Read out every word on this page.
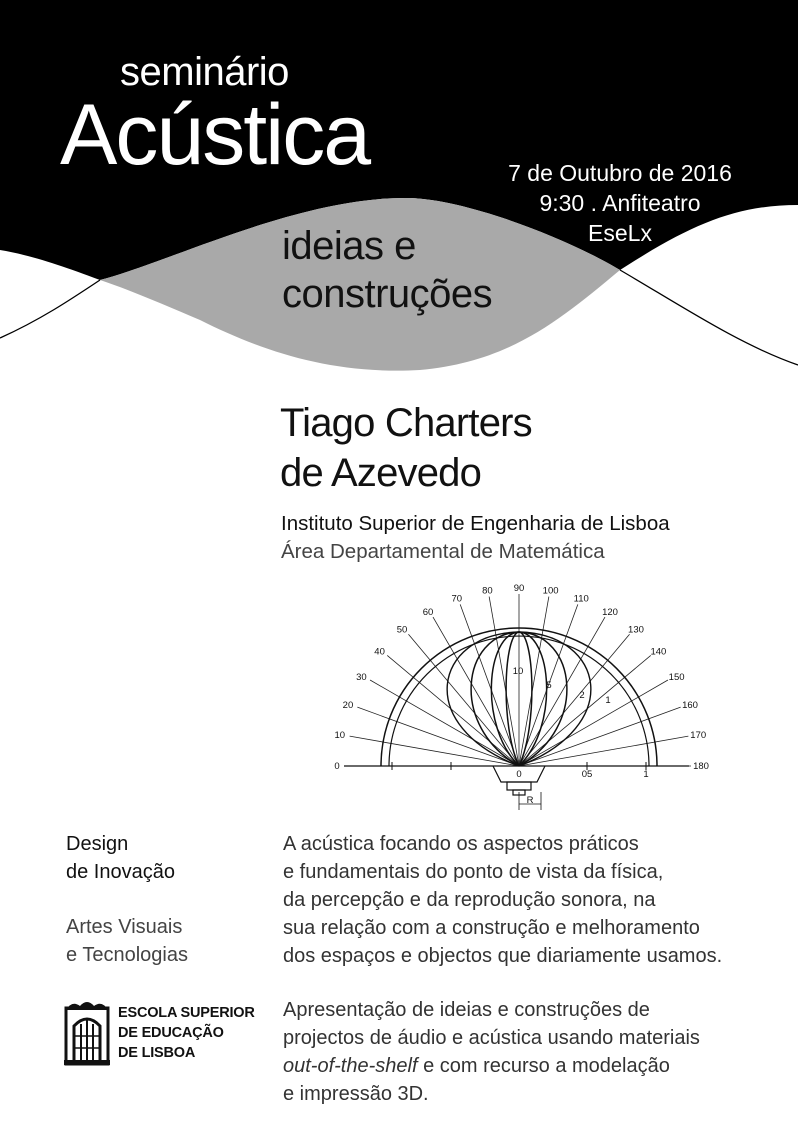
seminário
Acústica	7 de Outubro de 2016
9:30 . Anfiteatro
EseLx
ideias e
construções
Tiago Charters
de Azevedo
Instituto Superior de Engenharia de Lisboa
Área Departamental de Matemática
0
10
20
30
40
50
60
70
80 90 100
110
120
130
140
150
160
170
180
10
5
2 1
0	05	1
R
Design
de Inovação
Artes Visuais
e Tecnologias
ESCOLA SUPERIOR
DE EDUCAÇÃO
DE LISBOA
A acústica focando os aspectos práticos
e fundamentais do ponto de vista da física,
da percepção e da reprodução sonora, na
sua relação com a construção e melhoramento
dos espaços e objectos que diariamente usamos.
Apresentação de ideias e construções de
projectos de áudio e acústica usando materiais
out-of-the-shelf e com recurso a modelação
e impressão 3D.
